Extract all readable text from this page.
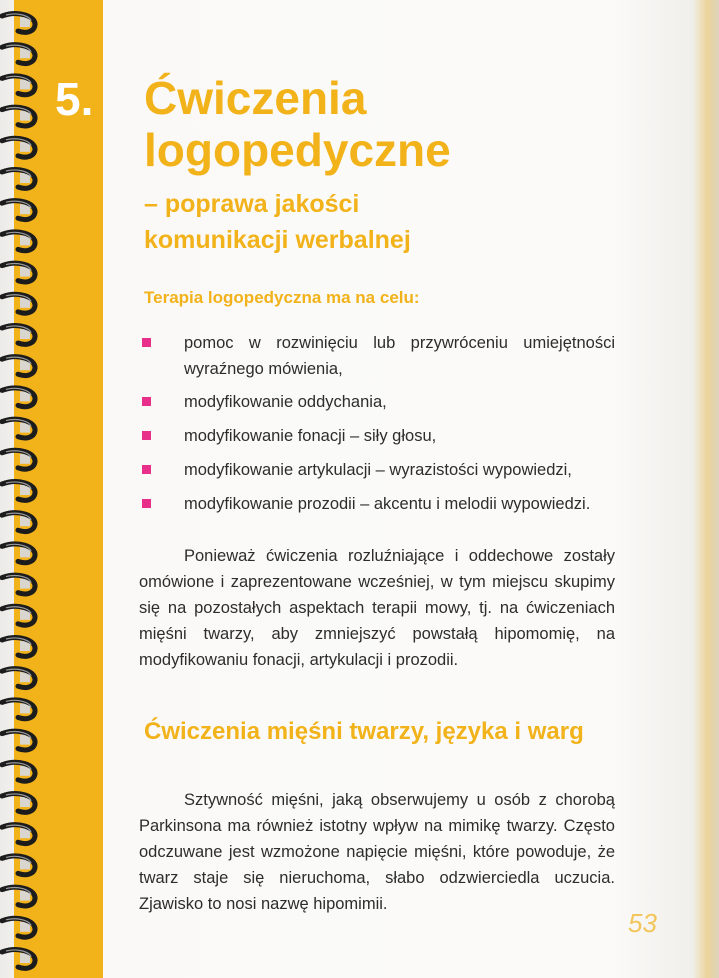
5. Ćwiczenia
logopedyczne
– poprawa jakości
komunikacji werbalnej
Terapia logopedyczna ma na celu:
pomoc w rozwinięciu lub przywróceniu umiejętności wyraźnego mówienia,
modyfikowanie oddychania,
modyfikowanie fonacji – siły głosu,
modyfikowanie artykulacji – wyrazistości wypowiedzi,
modyfikowanie prozodii – akcentu i melodii wypowiedzi.

Ponieważ ćwiczenia rozluźniające i oddechowe zostały omówione i zaprezentowane wcześniej, w tym miejscu skupimy się na pozostałych aspektach terapii mowy, tj. na ćwiczeniach mięśni twarzy, aby zmniejszyć powstałą hipomomię, na modyfikowaniu fonacji, artykulacji i prozodii.

Ćwiczenia mięśni twarzy, języka i warg

Sztywność mięśni, jaką obserwujemy u osób z chorobą Parkinsona ma również istotny wpływ na mimikę twarzy. Często odczuwane jest wzmożone napięcie mięśni, które powoduje, że twarz staje się nieruchoma, słabo odzwierciedla uczucia. Zjawisko to nosi nazwę hipomimii.

53
